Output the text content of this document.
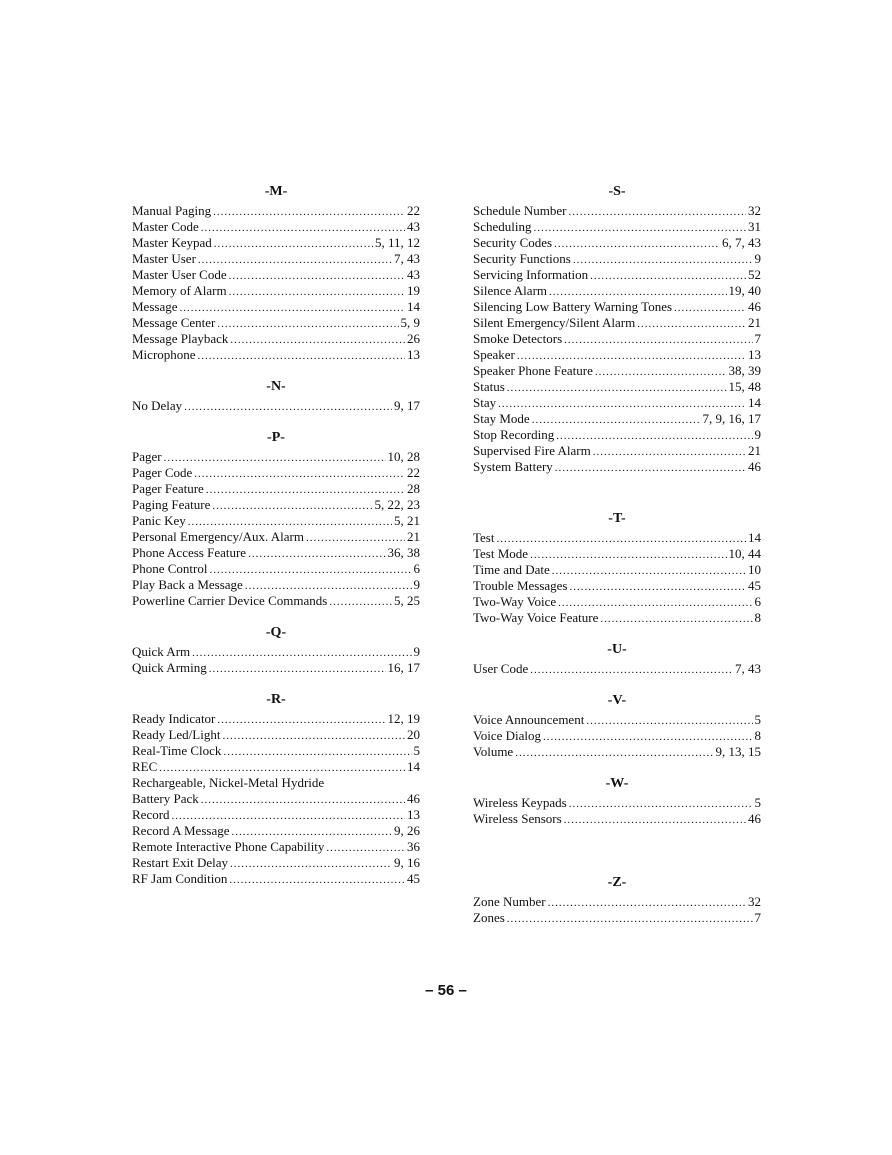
-M-
Manual Paging .....	22
Master Code .....	43
Master Keypad .....	5, 11, 12
Master User .....	7, 43
Master User Code .....	43
Memory of Alarm .....	19
Message .....	14
Message Center .....	5, 9
Message Playback .....	26
Microphone .....	13
-N-
No Delay .....	9, 17
-P-
Pager .....	10, 28
Pager Code .....	22
Pager Feature .....	28
Paging Feature .....	5, 22, 23
Panic Key .....	5, 21
Personal Emergency/Aux. Alarm .....	21
Phone Access Feature .....	36, 38
Phone Control .....	6
Play Back a Message .....	9
Powerline Carrier Device Commands .....	5, 25
-Q-
Quick Arm .....	9
Quick Arming .....	16, 17
-R-
Ready Indicator .....	12, 19
Ready Led/Light .....	20
Real-Time Clock .....	5
REC .....	14
Rechargeable, Nickel-Metal Hydride
Battery Pack .....	46
Record .....	13
Record A Message .....	9, 26
Remote Interactive Phone Capability .....	36
Restart Exit Delay .....	9, 16
RF Jam Condition .....	45
-S-
Schedule Number .....	32
Scheduling .....	31
Security Codes .....	6, 7, 43
Security Functions .....	9
Servicing Information .....	52
Silence Alarm .....	19, 40
Silencing Low Battery Warning Tones .....	46
Silent Emergency/Silent Alarm .....	21
Smoke Detectors .....	7
Speaker .....	13
Speaker Phone Feature .....	38, 39
Status .....	15, 48
Stay .....	14
Stay Mode .....	7, 9, 16, 17
Stop Recording .....	9
Supervised Fire Alarm .....	21
System Battery .....	46
-T-
Test .....	14
Test Mode .....	10, 44
Time and Date .....	10
Trouble Messages .....	45
Two-Way Voice .....	6
Two-Way Voice Feature .....	8
-U-
User Code .....	7, 43
-V-
Voice Announcement .....	5
Voice Dialog .....	8
Volume .....	9, 13, 15
-W-
Wireless Keypads .....	5
Wireless Sensors .....	46
-Z-
Zone Number .....	32
Zones .....	7
– 56 –
